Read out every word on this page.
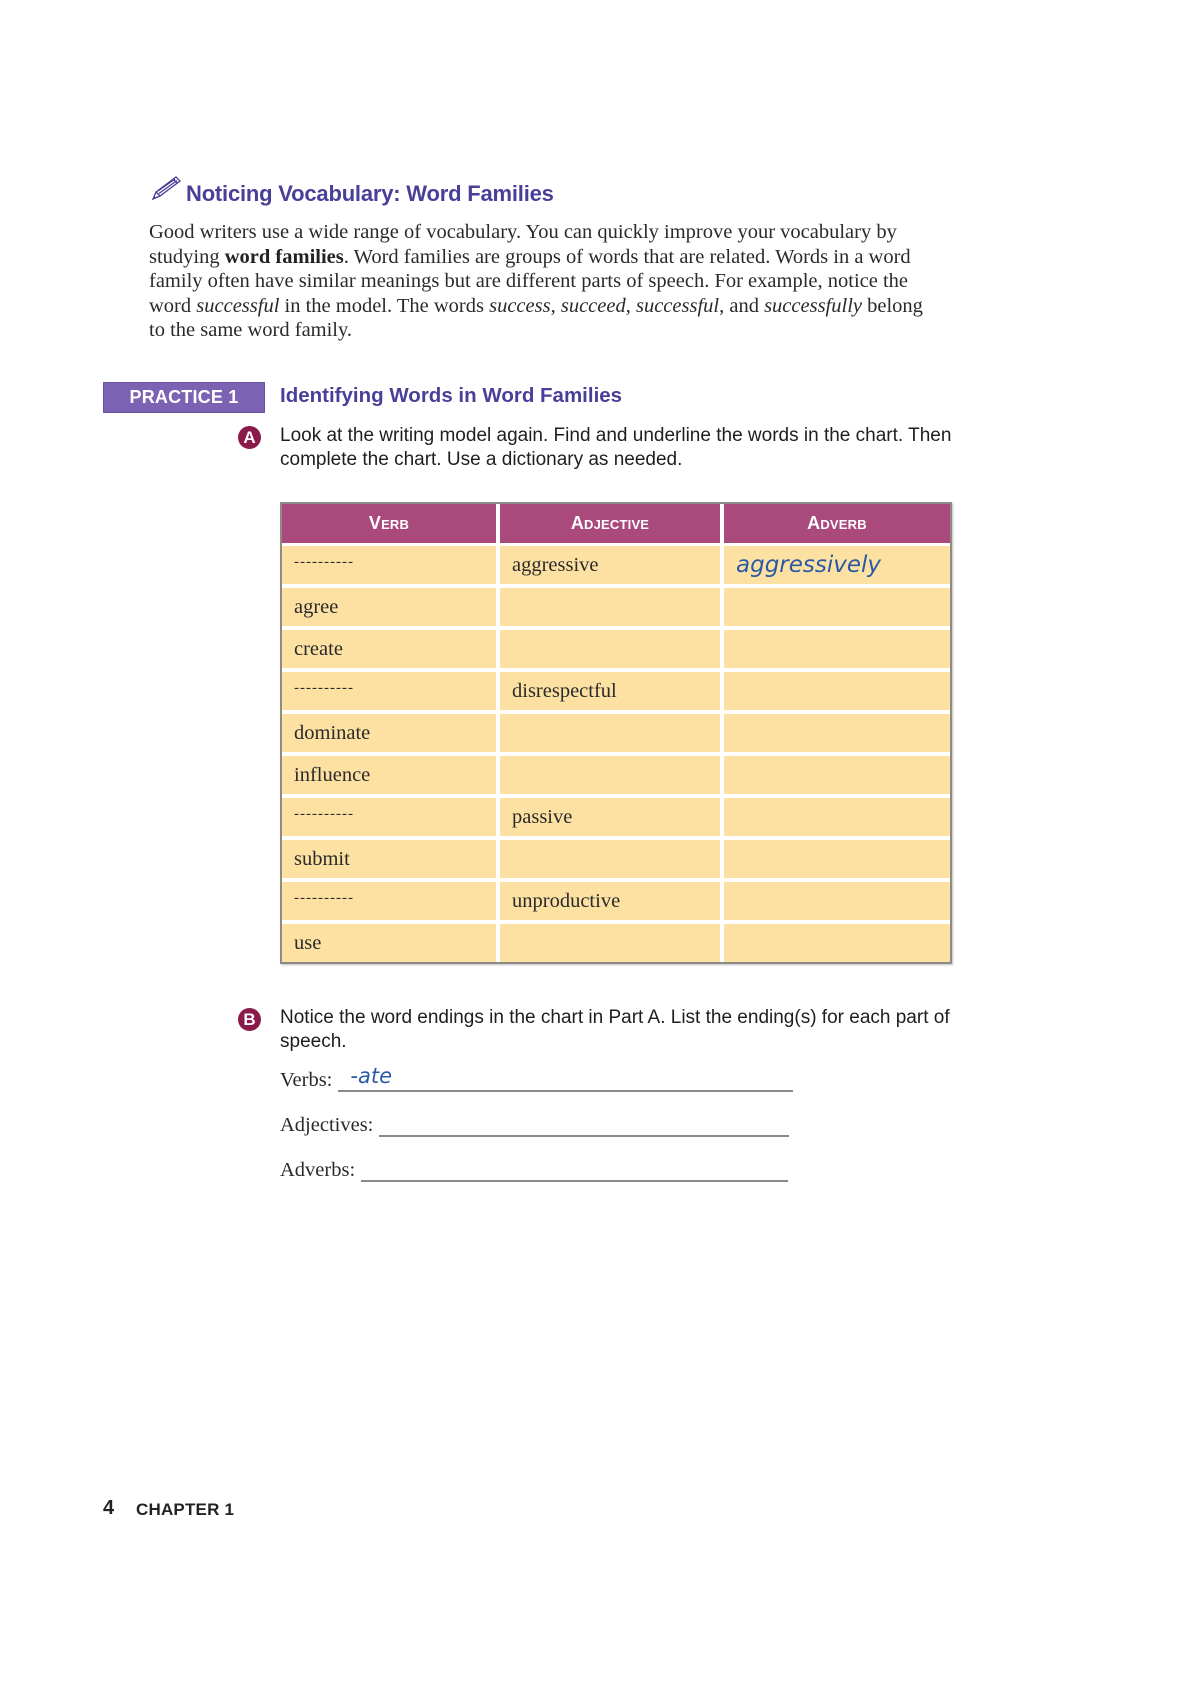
Noticing Vocabulary: Word Families
Good writers use a wide range of vocabulary. You can quickly improve your vocabulary by studying word families. Word families are groups of words that are related. Words in a word family often have similar meanings but are different parts of speech. For example, notice the word successful in the model. The words success, succeed, successful, and successfully belong to the same word family.
PRACTICE 1	Identifying Words in Word Families
A Look at the writing model again. Find and underline the words in the chart. Then complete the chart. Use a dictionary as needed.
Verb	Adjective	Adverb
----------	aggressive	aggressively
agree		
create		
----------	disrespectful	
dominate		
influence		
----------	passive	
submit		
----------	unproductive	
use		
B Notice the word endings in the chart in Part A. List the ending(s) for each part of speech.
Verbs: -ate
Adjectives:
Adverbs:
4 CHAPTER 1
